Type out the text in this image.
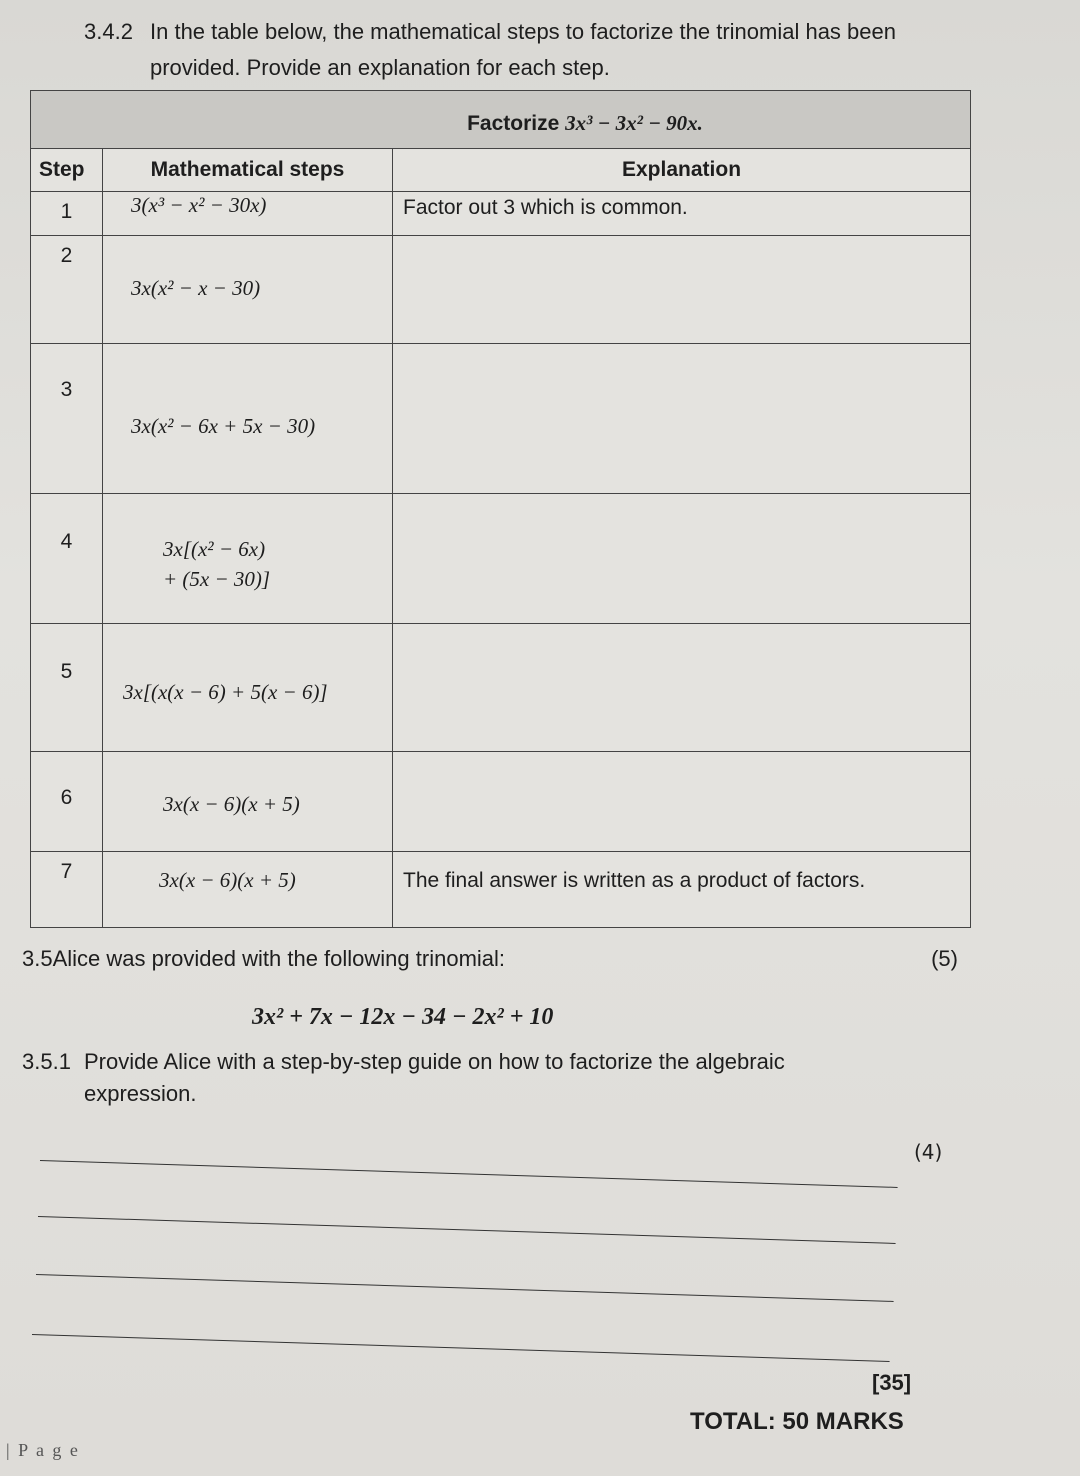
3.4.2 In the table below, the mathematical steps to factorize the trinomial has been
provided. Provide an explanation for each step.
Factorize 3x³ − 3x² − 90x.		
Step	Mathematical steps	Explanation
1	3(x³ − x² − 30x)	Factor out 3 which is common.
2	3x(x² − x − 30)	
3	3x(x² − 6x + 5x − 30)	
4	3x[(x² − 6x)
+ (5x − 30)]	
5	3x[(x(x − 6) + 5(x − 6)]	
6	3x(x − 6)(x + 5)	
7	3x(x − 6)(x + 5)	The final answer is written as a product of factors.
3.5Alice was provided with the following trinomial:	(5)
3x² + 7x − 12x − 34 − 2x² + 10
3.5.1 Provide Alice with a step-by-step guide on how to factorize the algebraic
expression.
(4)
[35]
TOTAL: 50 MARKS
| P a g e
